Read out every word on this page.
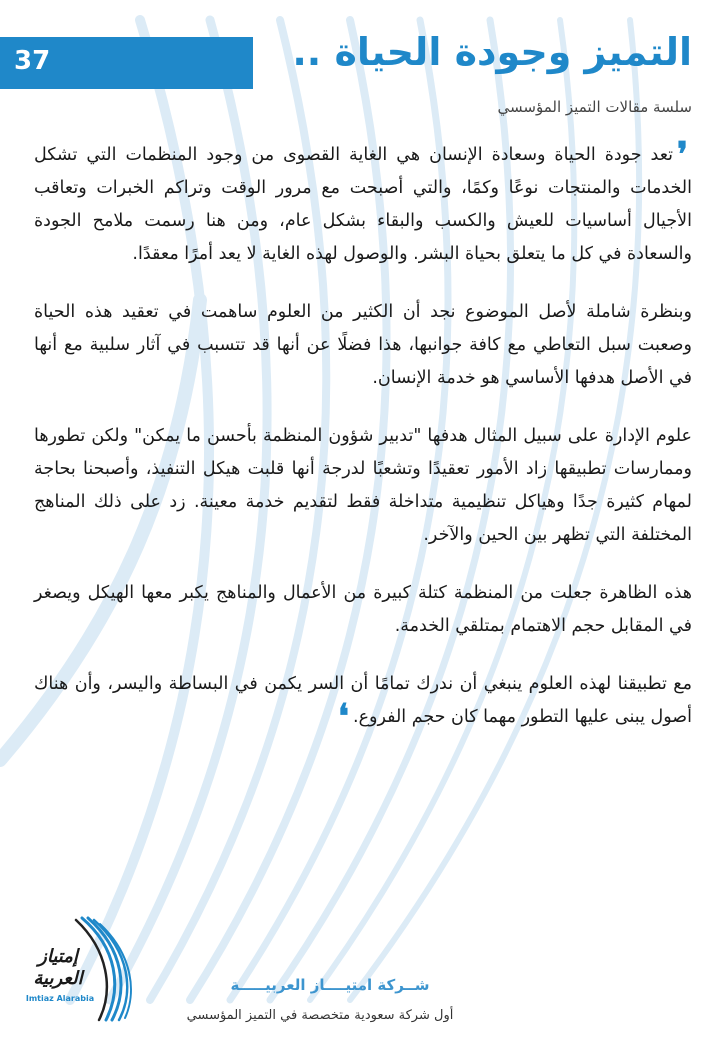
37	التميز وجودة الحياة ..
سلسة مقالات التميز المؤسسي

❜تعد جودة الحياة وسعادة الإنسان هي الغاية القصوى من وجود المنظمات التي تشكل الخدمات والمنتجات نوعًا وكمًا، والتي أصبحت مع مرور الوقت وتراكم الخبرات وتعاقب الأجيال أساسيات للعيش والكسب والبقاء بشكل عام، ومن هنا رسمت ملامح الجودة والسعادة في كل ما يتعلق بحياة البشر. والوصول لهذه الغاية لا يعد أمرًا معقدًا.

وبنظرة شاملة لأصل الموضوع نجد أن الكثير من العلوم ساهمت في تعقيد هذه الحياة وصعبت سبل التعاطي مع كافة جوانبها، هذا فضلًا عن أنها قد تتسبب في آثار سلبية مع أنها في الأصل هدفها الأساسي هو خدمة الإنسان.

علوم الإدارة على سبيل المثال هدفها "تدبير شؤون المنظمة بأحسن ما يمكن" ولكن تطورها وممارسات تطبيقها زاد الأمور تعقيدًا وتشعبًا لدرجة أنها قلبت هيكل التنفيذ، وأصبحنا بحاجة لمهام كثيرة جدًا وهياكل تنظيمية متداخلة فقط لتقديم خدمة معينة. زد على ذلك المناهج المختلفة التي تظهر بين الحين والآخر.

هذه الظاهرة جعلت من المنظمة كتلة كبيرة من الأعمال والمناهج يكبر معها الهيكل ويصغر في المقابل حجم الاهتمام بمتلقي الخدمة.

مع تطبيقنا لهذه العلوم ينبغي أن ندرك تمامًا أن السر يكمن في البساطة واليسر، وأن هناك أصول يبنى عليها التطور مهما كان حجم الفروع.❛

إمتياز
العربية
Imtiaz Alarabia
شــركة امتيــــاز العربيـــــة
أول شركة سعودية متخصصة في التميز المؤسسي
